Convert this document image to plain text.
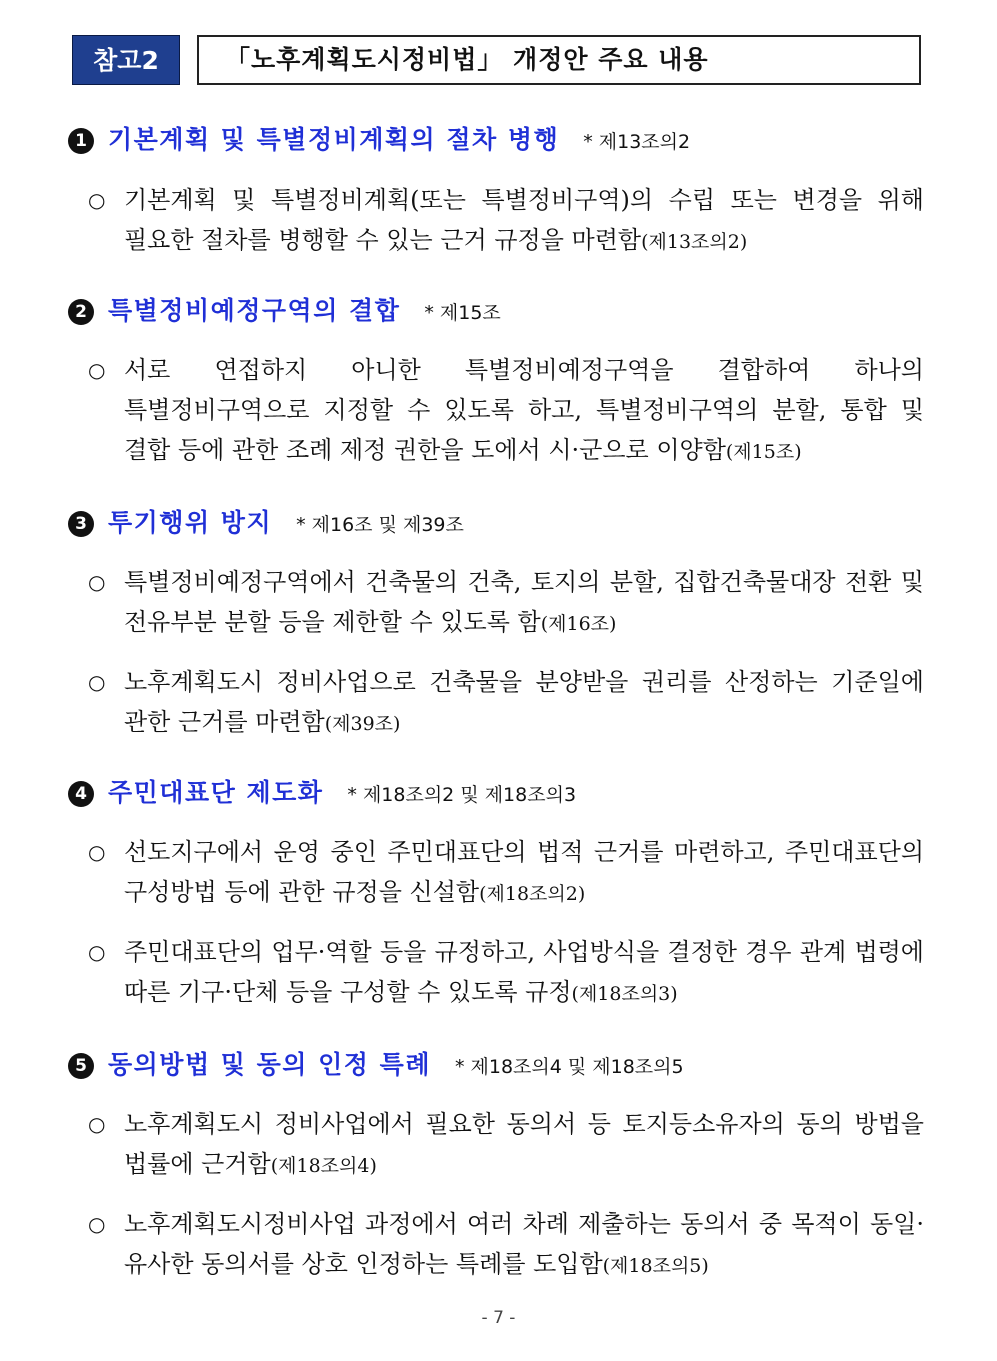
참고2	「노후계획도시정비법」 개정안 주요 내용
1 기본계획 및 특별정비계획의 절차 병행 * 제13조의2
○ 기본계획 및 특별정비계획(또는 특별정비구역)의 수립 또는 변경을 위해 필요한 절차를 병행할 수 있는 근거 규정을 마련함(제13조의2)
2 특별정비예정구역의 결합 * 제15조
○ 서로 연접하지 아니한 특별정비예정구역을 결합하여 하나의 특별정비구역으로 지정할 수 있도록 하고, 특별정비구역의 분할, 통합 및 결합 등에 관한 조례 제정 권한을 도에서 시·군으로 이양함(제15조)
3 투기행위 방지 * 제16조 및 제39조
○ 특별정비예정구역에서 건축물의 건축, 토지의 분할, 집합건축물대장 전환 및 전유부분 분할 등을 제한할 수 있도록 함(제16조)
○ 노후계획도시 정비사업으로 건축물을 분양받을 권리를 산정하는 기준일에 관한 근거를 마련함(제39조)
4 주민대표단 제도화 * 제18조의2 및 제18조의3
○ 선도지구에서 운영 중인 주민대표단의 법적 근거를 마련하고, 주민대표단의 구성방법 등에 관한 규정을 신설함(제18조의2)
○ 주민대표단의 업무·역할 등을 규정하고, 사업방식을 결정한 경우 관계 법령에 따른 기구·단체 등을 구성할 수 있도록 규정(제18조의3)
5 동의방법 및 동의 인정 특례 * 제18조의4 및 제18조의5
○ 노후계획도시 정비사업에서 필요한 동의서 등 토지등소유자의 동의 방법을 법률에 근거함(제18조의4)
○ 노후계획도시정비사업 과정에서 여러 차례 제출하는 동의서 중 목적이 동일·유사한 동의서를 상호 인정하는 특례를 도입함(제18조의5)
- 7 -
